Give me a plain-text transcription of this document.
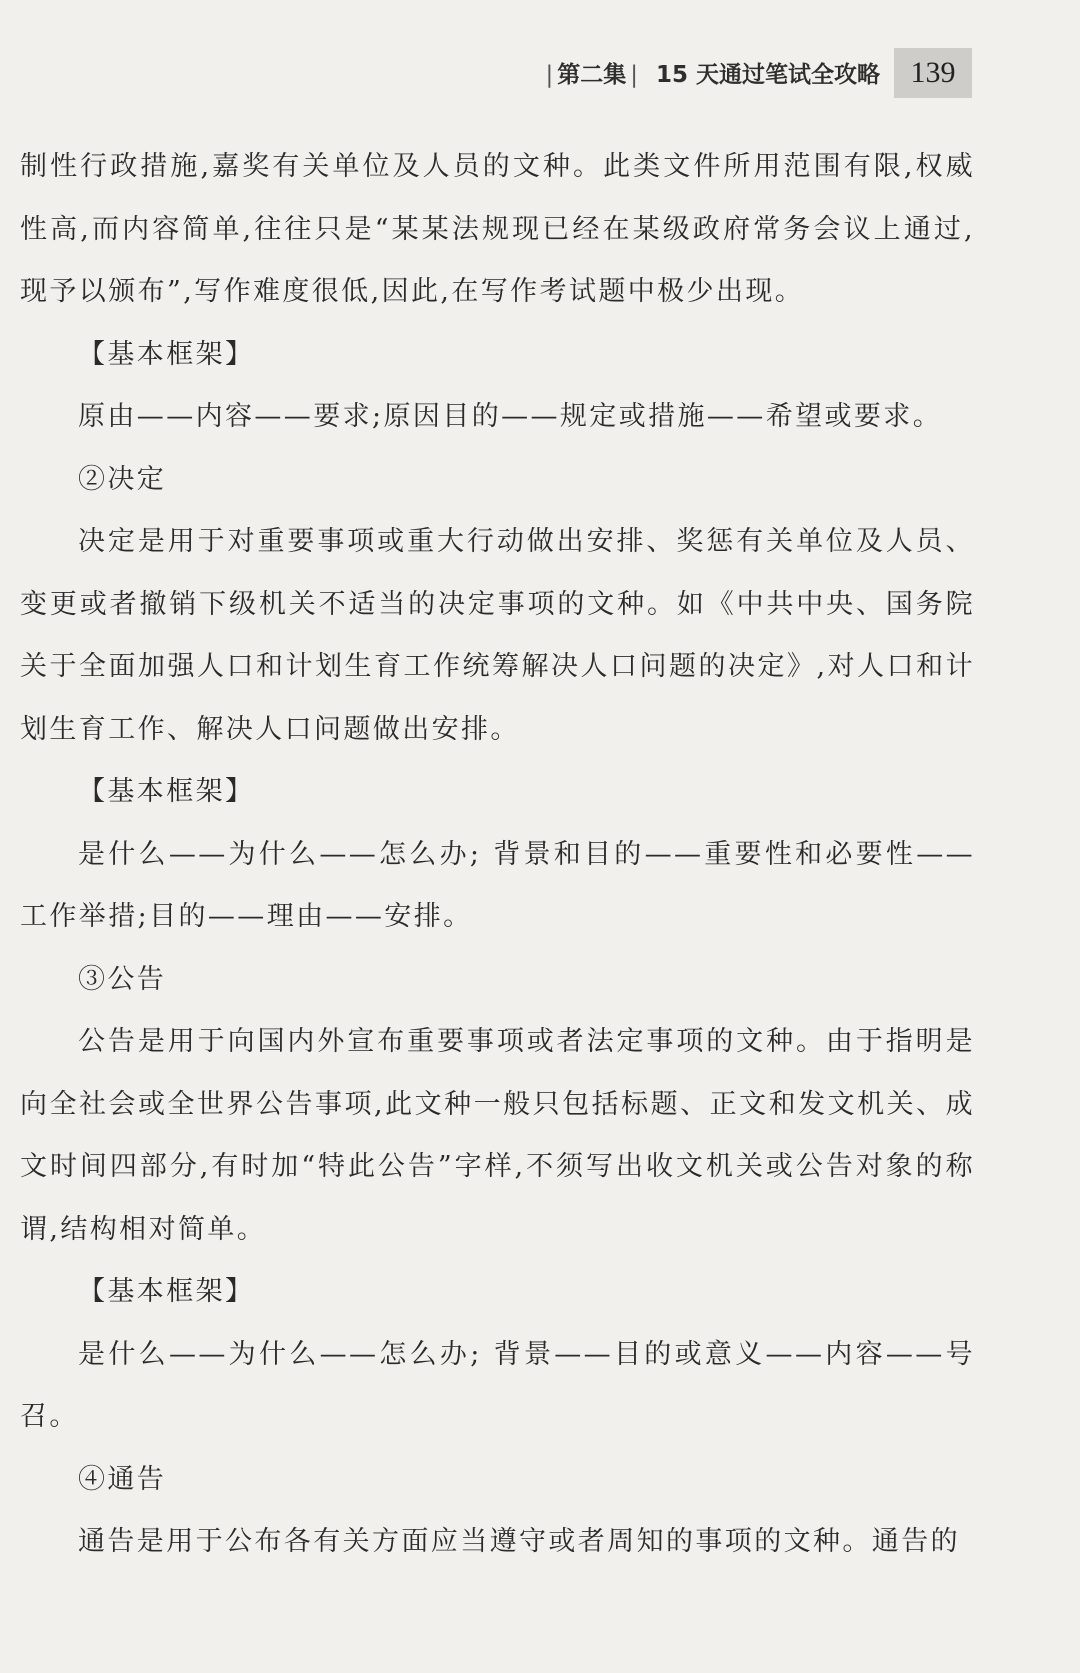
| 第二集 | 15 天通过笔试全攻略	139

制性行政措施,嘉奖有关单位及人员的文种。此类文件所用范围有限,权威性高,而内容简单,往往只是“某某法规现已经在某级政府常务会议上通过,现予以颁布”,写作难度很低,因此,在写作考试题中极少出现。

【基本框架】

原由——内容——要求;原因目的——规定或措施——希望或要求。

②决定

决定是用于对重要事项或重大行动做出安排、奖惩有关单位及人员、变更或者撤销下级机关不适当的决定事项的文种。如《中共中央、国务院关于全面加强人口和计划生育工作统筹解决人口问题的决定》,对人口和计划生育工作、解决人口问题做出安排。

【基本框架】

是什么——为什么——怎么办; 背景和目的——重要性和必要性——工作举措;目的——理由——安排。

③公告

公告是用于向国内外宣布重要事项或者法定事项的文种。由于指明是向全社会或全世界公告事项,此文种一般只包括标题、正文和发文机关、成文时间四部分,有时加“特此公告”字样,不须写出收文机关或公告对象的称谓,结构相对简单。

【基本框架】

是什么——为什么——怎么办; 背景——目的或意义——内容——号召。

④通告

通告是用于公布各有关方面应当遵守或者周知的事项的文种。通告的
